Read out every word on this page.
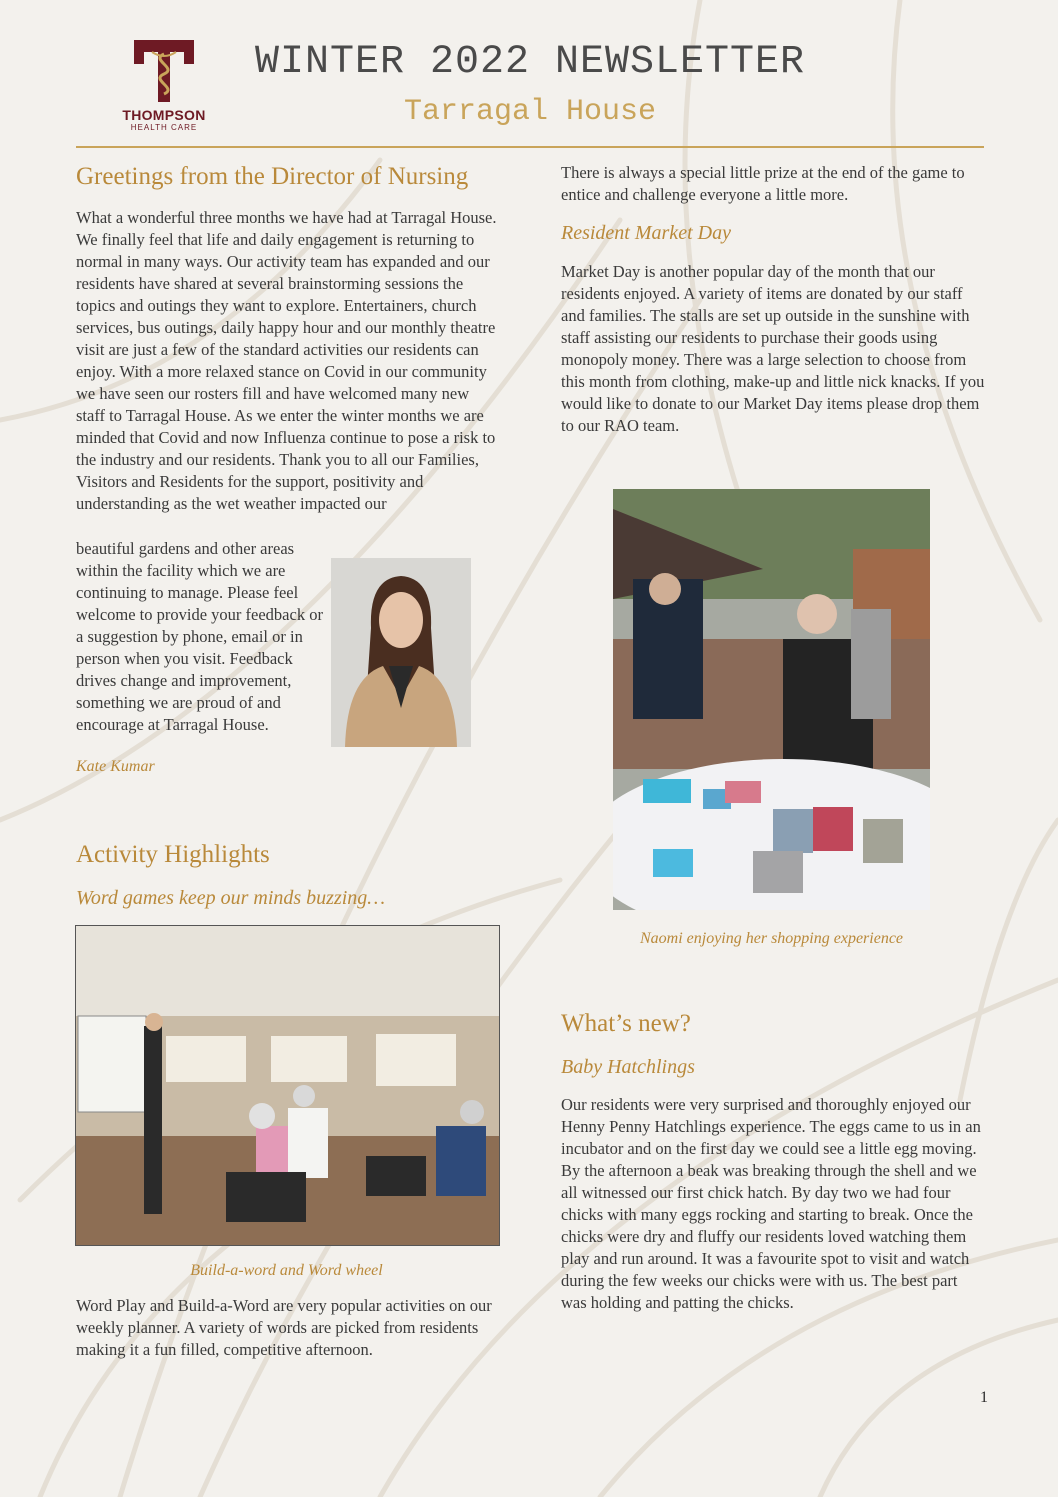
THOMPSON
HEALTH CARE
WINTER 2022 NEWSLETTER
Tarragal House
Greetings from the Director of Nursing
What a wonderful three months we have had at Tarragal House. We finally feel that life and daily engagement is returning to normal in many ways. Our activity team has expanded and our residents have shared at several brainstorming sessions the topics and outings they want to explore. Entertainers, church services, bus outings, daily happy hour and our monthly theatre visit are just a few of the standard activities our residents can enjoy. With a more relaxed stance on Covid in our community we have seen our rosters fill and have welcomed many new staff to Tarragal House. As we enter the winter months we are minded that Covid and now Influenza continue to pose a risk to the industry and our residents. Thank you to all our Families, Visitors and Residents for the support, positivity and understanding as the wet weather impacted our
beautiful gardens and other areas within the facility which we are continuing to manage. Please feel welcome to provide your feedback or a suggestion by phone, email or in person when you visit. Feedback drives change and improvement, something we are proud of and encourage at Tarragal House.
Kate Kumar
Activity Highlights
Word games keep our minds buzzing…
Build-a-word and Word wheel
Word Play and Build-a-Word are very popular activities on our weekly planner. A variety of words are picked from residents making it a fun filled, competitive afternoon.
There is always a special little prize at the end of the game to entice and challenge everyone a little more.
Resident Market Day
Market Day is another popular day of the month that our residents enjoyed. A variety of items are donated by our staff and families. The stalls are set up outside in the sunshine with staff assisting our residents to purchase their goods using monopoly money. There was a large selection to choose from this month from clothing, make-up and little nick knacks. If you would like to donate to our Market Day items please drop them to our RAO team.
Naomi enjoying her shopping experience
What’s new?
Baby Hatchlings
Our residents were very surprised and thoroughly enjoyed our Henny Penny Hatchlings experience. The eggs came to us in an incubator and on the first day we could see a little egg moving. By the afternoon a beak was breaking through the shell and we all witnessed our first chick hatch. By day two we had four chicks with many eggs rocking and starting to break. Once the chicks were dry and fluffy our residents loved watching them play and run around. It was a favourite spot to visit and watch during the few weeks our chicks were with us. The best part was holding and patting the chicks.
1
